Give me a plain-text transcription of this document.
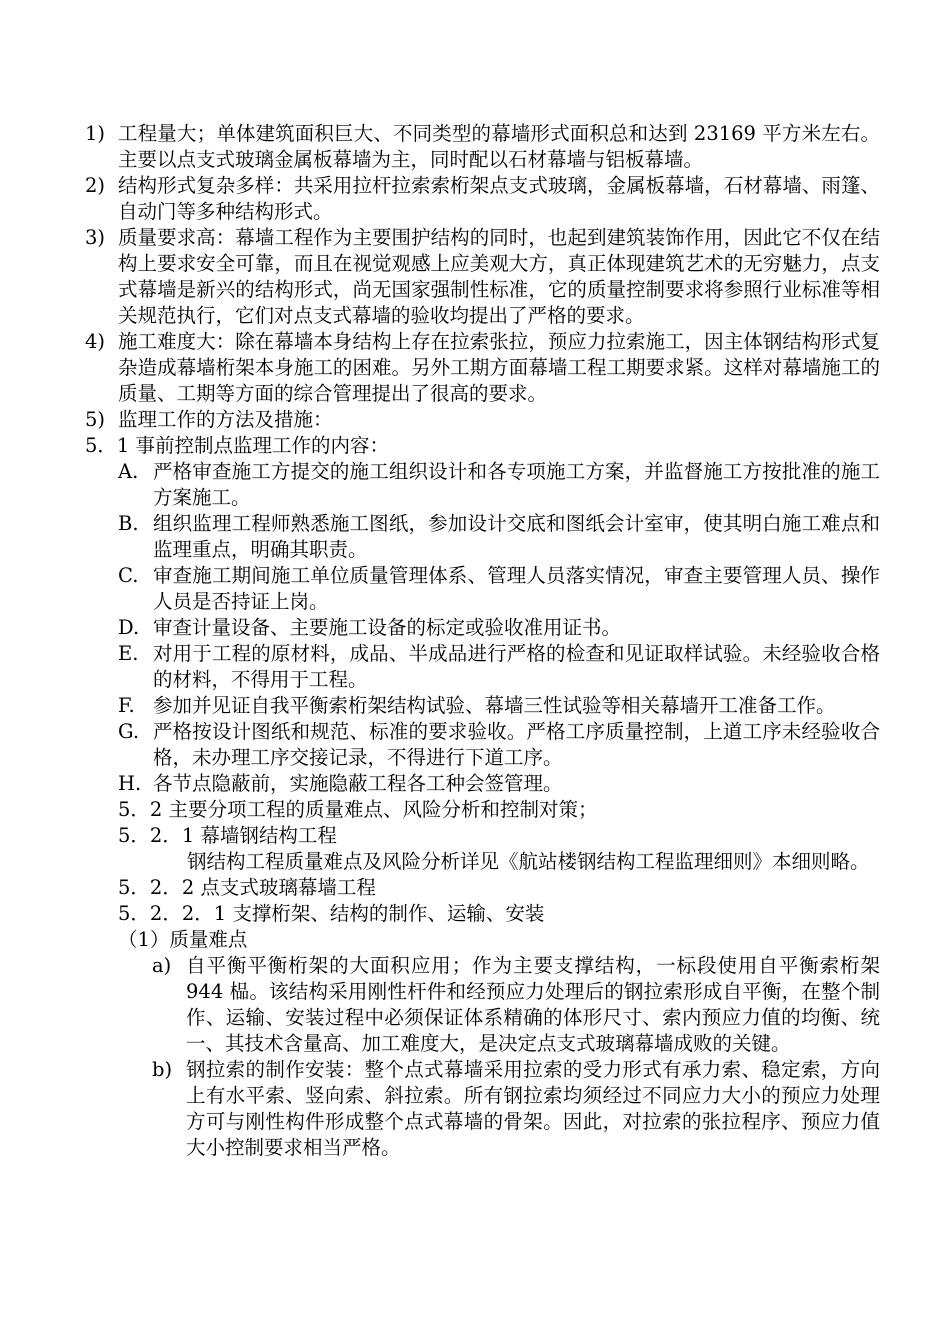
1) 工程量大；单体建筑面积巨大、不同类型的幕墙形式面积总和达到 23169 平方米左右。主要以点支式玻璃金属板幕墙为主，同时配以石材幕墙与铝板幕墙。
2) 结构形式复杂多样：共采用拉杆拉索索桁架点支式玻璃，金属板幕墙，石材幕墙、雨篷、自动门等多种结构形式。
3) 质量要求高：幕墙工程作为主要围护结构的同时，也起到建筑装饰作用，因此它不仅在结构上要求安全可靠，而且在视觉观感上应美观大方，真正体现建筑艺术的无穷魅力，点支式幕墙是新兴的结构形式，尚无国家强制性标准，它的质量控制要求将参照行业标准等相关规范执行，它们对点支式幕墙的验收均提出了严格的要求。
4) 施工难度大：除在幕墙本身结构上存在拉索张拉，预应力拉索施工，因主体钢结构形式复杂造成幕墙桁架本身施工的困难。另外工期方面幕墙工程工期要求紧。这样对幕墙施工的质量、工期等方面的综合管理提出了很高的要求。
5) 监理工作的方法及措施：
5．1 事前控制点监理工作的内容：
A. 严格审查施工方提交的施工组织设计和各专项施工方案，并监督施工方按批准的施工方案施工。
B. 组织监理工程师熟悉施工图纸，参加设计交底和图纸会计室审，使其明白施工难点和监理重点，明确其职责。
C. 审查施工期间施工单位质量管理体系、管理人员落实情况，审查主要管理人员、操作人员是否持证上岗。
D. 审查计量设备、主要施工设备的标定或验收准用证书。
E. 对用于工程的原材料，成品、半成品进行严格的检查和见证取样试验。未经验收合格的材料，不得用于工程。
F. 参加并见证自我平衡索桁架结构试验、幕墙三性试验等相关幕墙开工准备工作。
G. 严格按设计图纸和规范、标准的要求验收。严格工序质量控制，上道工序未经验收合格，未办理工序交接记录，不得进行下道工序。
H. 各节点隐蔽前，实施隐蔽工程各工种会签管理。
5．2 主要分项工程的质量难点、风险分析和控制对策；
5．2．1 幕墙钢结构工程
钢结构工程质量难点及风险分析详见《航站楼钢结构工程监理细则》本细则略。
5．2．2 点支式玻璃幕墙工程
5．2．2．1 支撑桁架、结构的制作、运输、安装
（1）质量难点
a) 自平衡平衡桁架的大面积应用；作为主要支撑结构，一标段使用自平衡索桁架 944 榀。该结构采用刚性杆件和经预应力处理后的钢拉索形成自平衡，在整个制作、运输、安装过程中必须保证体系精确的体形尺寸、索内预应力值的均衡、统一、其技术含量高、加工难度大，是决定点支式玻璃幕墙成败的关键。
b) 钢拉索的制作安装：整个点式幕墙采用拉索的受力形式有承力索、稳定索，方向上有水平索、竖向索、斜拉索。所有钢拉索均须经过不同应力大小的预应力处理方可与刚性构件形成整个点式幕墙的骨架。因此，对拉索的张拉程序、预应力值大小控制要求相当严格。
